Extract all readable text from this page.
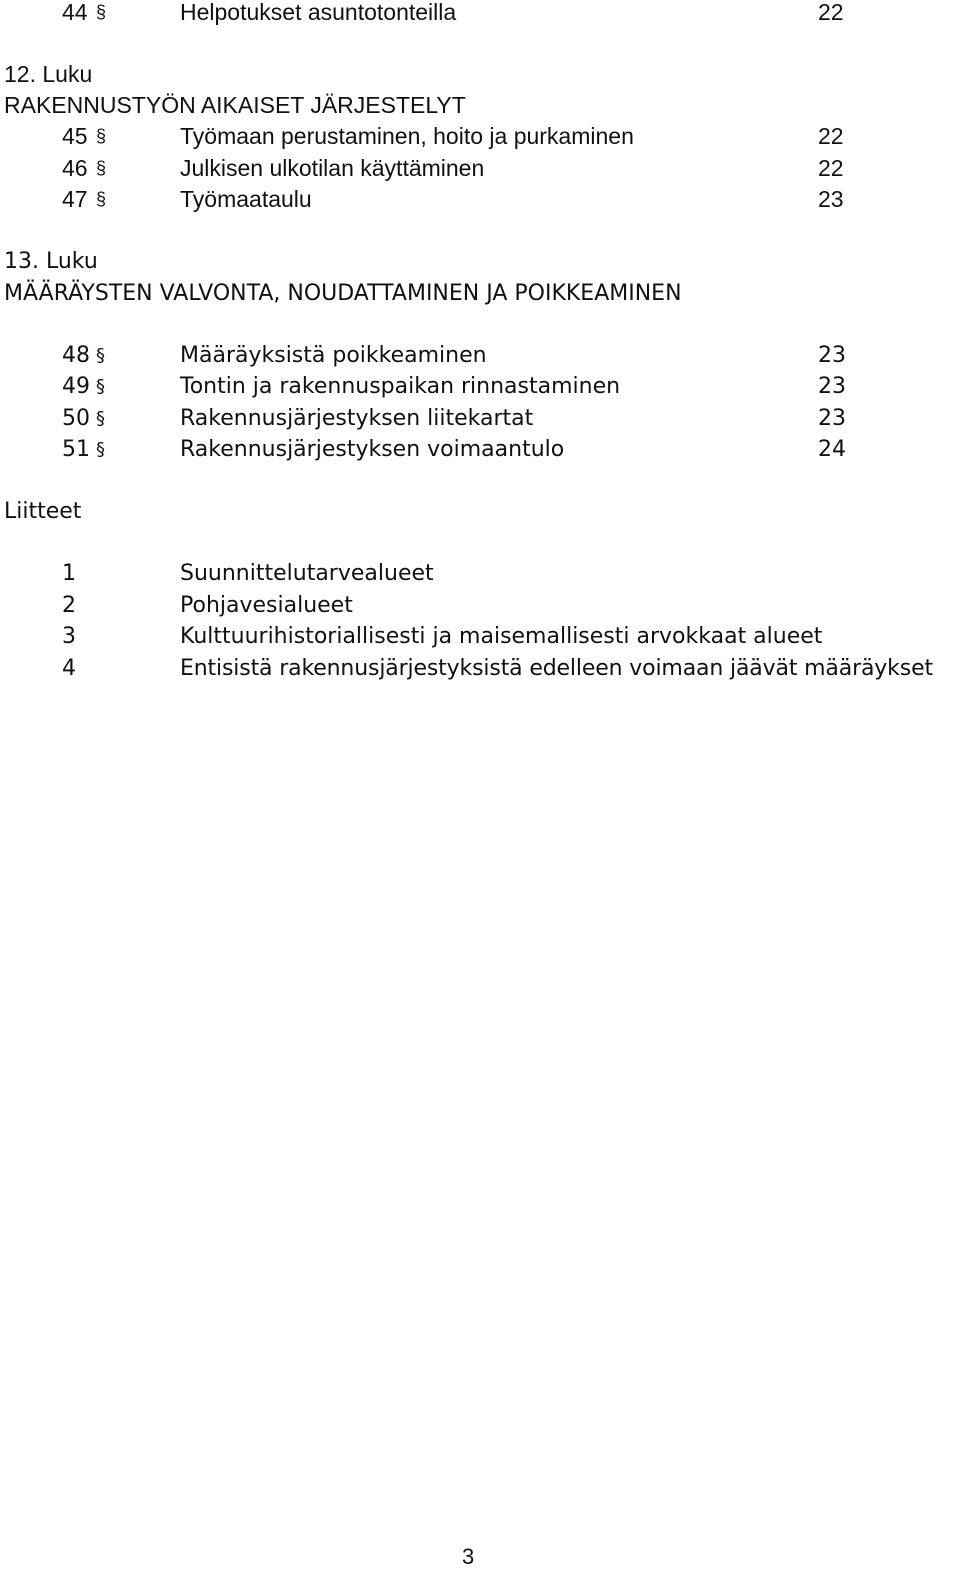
44 §	Helpotukset asuntotonteilla	22
12. Luku
RAKENNUSTYÖN AIKAISET JÄRJESTELYT
45 §	Työmaan perustaminen, hoito ja purkaminen	22
46 §	Julkisen ulkotilan käyttäminen	22
47 §	Työmaataulu	23
13. Luku
MÄÄRÄYSTEN VALVONTA, NOUDATTAMINEN JA POIKKEAMINEN
48 §	Määräyksistä poikkeaminen	23
49 §	Tontin ja rakennuspaikan rinnastaminen	23
50 §	Rakennusjärjestyksen liitekartat	23
51 §	Rakennusjärjestyksen voimaantulo	24
Liitteet
1	Suunnittelutarvealueet
2	Pohjavesialueet
3	Kulttuurihistoriallisesti ja maisemallisesti arvokkaat alueet
4	Entisistä rakennusjärjestyksistä edelleen voimaan jäävät määräykset
3
